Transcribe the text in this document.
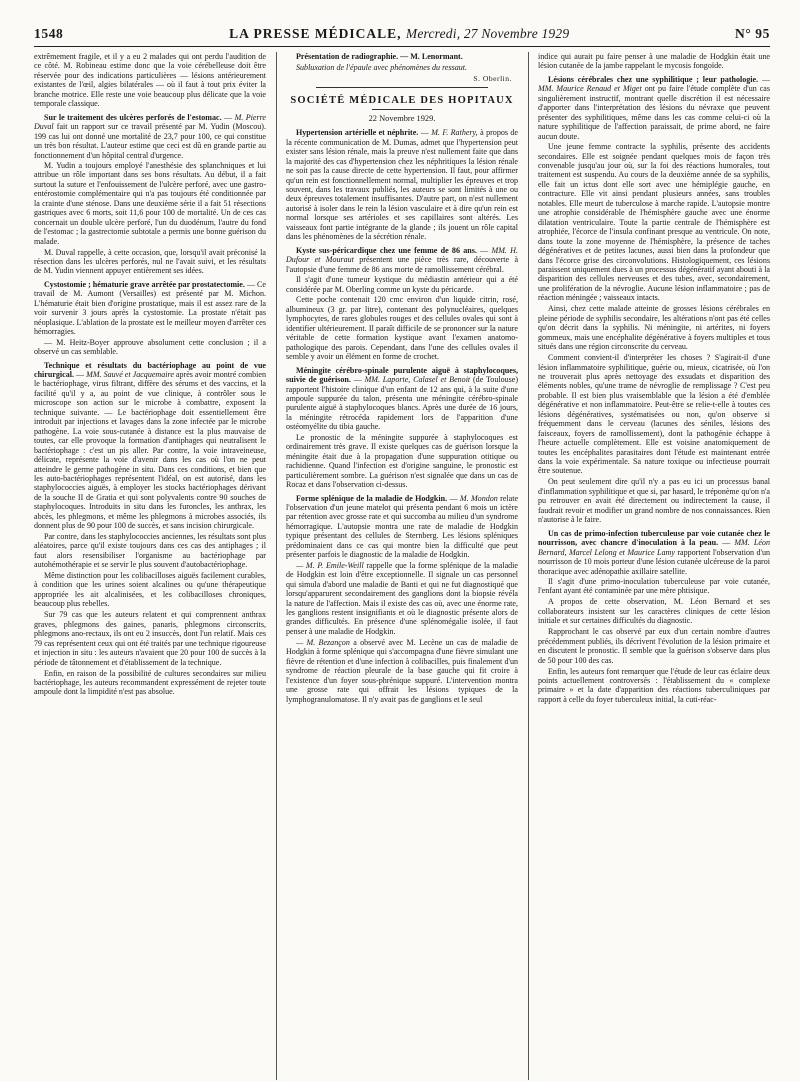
1548	LA PRESSE MÉDICALE, Mercredi, 27 Novembre 1929	N° 95

extrêmement fragile, et il y a eu 2 malades qui ont perdu l'audition de ce côté. M. Robineau estime donc que la voie cérébelleuse doit être réservée pour des indications particulières — lésions antérieurement existantes de l'œil, algies bilatérales — où il faut à tout prix éviter la branche motrice. Elle reste une voie beaucoup plus délicate que la voie temporale classique.

Sur le traitement des ulcères perforés de l'estomac. — M. Pierre Duval fait un rapport sur ce travail présenté par M. Yudin (Moscou). 199 cas lui ont donné une mortalité de 23,7 pour 100, ce qui constitue un très bon résultat. L'auteur estime que ceci est dû en grande partie au fonctionnement d'un hôpital central d'urgence.

M. Yudin a toujours employé l'anesthésie des splanchniques et lui attribue un rôle important dans ses bons résultats. Au début, il a fait surtout la suture et l'enfouissement de l'ulcère perforé, avec une gastro-entérostomie complémentaire qui n'a pas toujours été conditionnée par la crainte d'une sténose. Dans une deuxième série il a fait 51 résections gastriques avec 6 morts, soit 11,6 pour 100 de mortalité. Un de ces cas concernait un double ulcère perforé, l'un du duodénum, l'autre du fond de l'estomac ; la gastrectomie subtotale a permis une bonne guérison du malade.

M. Duval rappelle, à cette occasion, que, lorsqu'il avait préconisé la résection dans les ulcères perforés, nul ne l'avait suivi, et les résultats de M. Yudin viennent appuyer entièrement ses idées.

Cystostomie ; hématurie grave arrêtée par prostatectomie. — Ce travail de M. Aumont (Versailles) est présenté par M. Michon. L'hématurie était bien d'origine prostatique, mais il est assez rare de la voir survenir 3 jours après la cystostomie. La prostate n'était pas néoplasique. L'ablation de la prostate est le meilleur moyen d'arrêter ces hémorragies.

— M. Heitz-Boyer approuve absolument cette conclusion ; il a observé un cas semblable.

Technique et résultats du bactériophage au point de vue chirurgical. — MM. Sauvé et Jacquemaire après avoir montré combien le bactériophage, virus filtrant, diffère des sérums et des vaccins, et la facilité qu'il y a, au point de vue clinique, à contrôler sous le microscope son action sur le microbe à combattre, exposent la technique suivante. — Le bactériophage doit essentiellement être introduit par injections et lavages dans la zone infectée par le microbe pathogène. La voie sous-cutanée à distance est la plus mauvaise de toutes, car elle provoque la formation d'antiphages qui neutralisent le bactériophage : c'est un pis aller. Par contre, la voie intraveineuse, délicate, représente la voie d'avenir dans les cas où l'on ne peut atteindre le germe pathogène in situ. Dans ces conditions, et bien que les auto-bactériophages représentent l'idéal, on est autorisé, dans les staphylococcies aiguës, à employer les stocks bactériophages dérivant de la souche II de Gratia et qui sont polyvalents contre 90 souches de staphylocoques. Introduits in situ dans les furoncles, les anthrax, les abcès, les phlegmons, et même les phlegmons à microbes associés, ils donnent plus de 90 pour 100 de succès, et sans incision chirurgicale.

Par contre, dans les staphylococcies anciennes, les résultats sont plus aléatoires, parce qu'il existe toujours dans ces cas des antiphages ; il faut alors resensibiliser l'organisme au bactériophage par autohémothérapie et se servir le plus souvent d'autobactériophage.

Même distinction pour les colibacilloses aiguës facilement curables, à condition que les urines soient alcalines ou qu'une thérapeutique appropriée les ait alcalinisées, et les colibacilloses chroniques, beaucoup plus rebelles.

Sur 79 cas que les auteurs relatent et qui comprennent anthrax graves, phlegmons des gaines, panaris, phlegmons circonscrits, phlegmons ano-rectaux, ils ont eu 2 insuccès, dont l'un relatif. Mais ces 79 cas représentent ceux qui ont été traités par une technique rigoureuse et injection in situ : les auteurs n'avaient que 20 pour 100 de succès à la période de tâtonnement et d'établissement de la technique.

Enfin, en raison de la possibilité de cultures secondaires sur milieu bactériophage, les auteurs recommandent expressément de rejeter toute ampoule dont la limpidité n'est pas absolue.

Présentation de radiographie. — M. Lenormant.

Subluxation de l'épaule avec phénomènes du ressaut.

S. Oberlin.
SOCIÉTÉ MÉDICALE DES HOPITAUX
22 Novembre 1929.
Hypertension artérielle et néphrite. — M. F. Rathery, à propos de la récente communication de M. Dumas, admet que l'hypertension peut exister sans lésion rénale, mais la preuve n'est nullement faite que dans la majorité des cas d'hypertension chez les néphritiques la lésion rénale ne soit pas la cause directe de cette hypertension. Il faut, pour affirmer qu'un rein est fonctionnellement normal, multiplier les épreuves et trop souvent, dans les travaux publiés, les auteurs se sont limités à une ou deux épreuves totalement insuffisantes. D'autre part, on n'est nullement autorisé à isoler dans le rein la lésion vasculaire et à dire qu'un rein est normal lorsque ses artérioles et ses capillaires sont altérés. Les vaisseaux font partie intégrante de la glande ; ils jouent un rôle capital dans les phénomènes de la sécrétion rénale.
Kyste sus-péricardique chez une femme de 86 ans. — MM. H. Dufour et Mouraut présentent une pièce très rare, découverte à l'autopsie d'une femme de 86 ans morte de ramollissement cérébral.

Il s'agit d'une tumeur kystique du médiastin antérieur qui a été considérée par M. Oberling comme un kyste du péricarde.

Cette poche contenait 120 cmc environ d'un liquide citrin, rosé, albumineux (3 gr. par litre), contenant des polynucléaires, quelques lymphocytes, de rares globules rouges et des cellules ovales qui sont à identifier ultérieurement. Il paraît difficile de se prononcer sur la nature véritable de cette formation kystique avant l'examen anatomo-pathologique des parois. Cependant, dans l'une des cellules ovales il semble y avoir un élément en forme de crochet.

Méningite cérébro-spinale purulente aiguë à staphylocoques, suivie de guérison. — MM. Laporte, Calasel et Benoit (de Toulouse) rapportent l'histoire clinique d'un enfant de 12 ans qui, à la suite d'une ampoule suppurée du talon, présenta une méningite cérébro-spinale purulente aiguë à staphylocoques blancs. Après une durée de 16 jours, la méningite rétrocéda rapidement lors de l'apparition d'une ostéomyélite du tibia gauche.

Le pronostic de la méningite suppurée à staphylocoques est ordinairement très grave. Il existe quelques cas de guérison lorsque la méningite était due à la propagation d'une suppuration otitique ou rachidienne. Quand l'infection est d'origine sanguine, le pronostic est particulièrement sombre. La guérison n'est signalée que dans un cas de Rocaz et dans l'observation ci-dessus.

Forme splénique de la maladie de Hodgkin. — M. Mondon relate l'observation d'un jeune matelot qui présenta pendant 6 mois un ictère par rétention avec grosse rate et qui succomba au milieu d'un syndrome hémorragique. L'autopsie montra une rate de maladie de Hodgkin typique présentant des cellules de Sternberg. Les lésions spléniques prédominaient dans ce cas qui montre bien la difficulté que peut présenter parfois le diagnostic de la maladie de Hodgkin.

— M. P. Emile-Weill rappelle que la forme splénique de la maladie de Hodgkin est loin d'être exceptionnelle. Il signale un cas personnel qui simula d'abord une maladie de Banti et qui ne fut diagnostiqué que lorsqu'apparurent secondairement des ganglions dont la biopsie révéla la nature de l'affection. Mais il existe des cas où, avec une énorme rate, les ganglions restent insignifiants et où le diagnostic présente alors de grandes difficultés. En présence d'une splénomégalie isolée, il faut penser à une maladie de Hodgkin.

— M. Bezançon a observé avec M. Lecène un cas de maladie de Hodgkin à forme splénique qui s'accompagna d'une fièvre simulant une fièvre de rétention et d'une infection à colibacilles, puis finalement d'un syndrome de réaction pleurale de la base gauche qui fit croire à l'existence d'un foyer sous-phrénique suppuré. L'intervention montra une grosse rate qui offrait les lésions typiques de la lymphogranulomatose. Il n'y avait pas de ganglions et le seul

indice qui aurait pu faire penser à une maladie de Hodgkin était une lésion cutanée de la jambe rappelant le mycosis fongoïde.

Lésions cérébrales chez une syphilitique ; leur pathologie. — MM. Maurice Renaud et Miget ont pu faire l'étude complète d'un cas singulièrement instructif, montrant quelle discrétion il est nécessaire d'apporter dans l'interprétation des lésions du névraxe que peuvent présenter des syphilitiques, même dans les cas comme celui-ci où la nature syphilitique de l'affection paraissait, de prime abord, ne faire aucun doute.

Une jeune femme contracte la syphilis, présente des accidents secondaires. Elle est soignée pendant quelques mois de façon très convenable jusqu'au jour où, sur la foi des réactions humorales, tout traitement est suspendu. Au cours de la deuxième année de sa syphilis, elle fait un ictus dont elle sort avec une hémiplégie gauche, en contracture. Elle vit ainsi pendant plusieurs années, sans troubles notables. Elle meurt de tuberculose à marche rapide. L'autopsie montre une atrophie considérable de l'hémisphère gauche avec une énorme dilatation ventriculaire. Toute la partie centrale de l'hémisphère est atrophiée, l'écorce de l'insula confinant presque au ventricule. On note, dans toute la zone moyenne de l'hémisphère, la présence de taches dégénératives et de petites lacunes, aussi bien dans la profondeur que dans l'écorce grise des circonvolutions. Histologiquement, ces lésions paraissent uniquement dues à un processus dégénératif ayant abouti à la disparition des cellules nerveuses et des tubes, avec, secondairement, une prolifération de la névroglie. Aucune lésion inflammatoire ; pas de réaction méningée ; vaisseaux intacts.

Ainsi, chez cette malade atteinte de grosses lésions cérébrales en pleine période de syphilis secondaire, les altérations n'ont pas été celles qu'on décrit dans la syphilis. Ni méningite, ni artérites, ni foyers gommeux, mais une encéphalite dégénérative à foyers multiples et tous situés dans une région circonscrite du cerveau.

Comment convient-il d'interpréter les choses ? S'agirait-il d'une lésion inflammatoire syphilitique, guérie ou, mieux, cicatrisée, où l'on ne trouverait plus après nettoyage des exsudats et disparition des éléments nobles, qu'une trame de névroglie de remplissage ? C'est peu probable. Il est bien plus vraisemblable que la lésion a été d'emblée dégénérative et non inflammatoire. Peut-être se relie-t-elle à toutes ces lésions dégénératives, systématisées ou non, qu'on observe si fréquemment dans le cerveau (lacunes des séniles, lésions des faisceaux, foyers de ramollissement), dont la pathogénie échappe à l'heure actuelle complètement. Elle est voisine anatomiquement de toutes les encéphalites parasitaires dont l'étude est maintenant entrée dans la voie expérimentale. Sa nature toxique ou infectieuse pourrait être soutenue.

On peut seulement dire qu'il n'y a pas eu ici un processus banal d'inflammation syphilitique et que si, par hasard, le tréponème qu'on n'a pu retrouver en avait été directement ou indirectement la cause, il faudrait revoir et modifier un grand nombre de nos connaissances. Rien n'autorise à le faire.

Un cas de primo-infection tuberculeuse par voie cutanée chez le nourrisson, avec chancre d'inoculation à la peau. — MM. Léon Bernard, Marcel Lelong et Maurice Lamy rapportent l'observation d'un nourrisson de 10 mois porteur d'une lésion cutanée ulcéreuse de la paroi thoracique avec adénopathie axillaire satellite.

Il s'agit d'une primo-inoculation tuberculeuse par voie cutanée, l'enfant ayant été contaminée par une mère phtisique.

A propos de cette observation, M. Léon Bernard et ses collaborateurs insistent sur les caractères cliniques de cette lésion initiale et sur certaines difficultés du diagnostic.

Rapprochant le cas observé par eux d'un certain nombre d'autres précédemment publiés, ils décrivent l'évolution de la lésion primaire et en discutent le pronostic. Il semble que la guérison s'observe dans plus de 50 pour 100 des cas.

Enfin, les auteurs font remarquer que l'étude de leur cas éclaire deux points actuellement controversés : l'établissement du « complexe primaire » et la date d'apparition des réactions tuberculiniques par rapport à celle du foyer tuberculeux initial, la cuti-réac-
